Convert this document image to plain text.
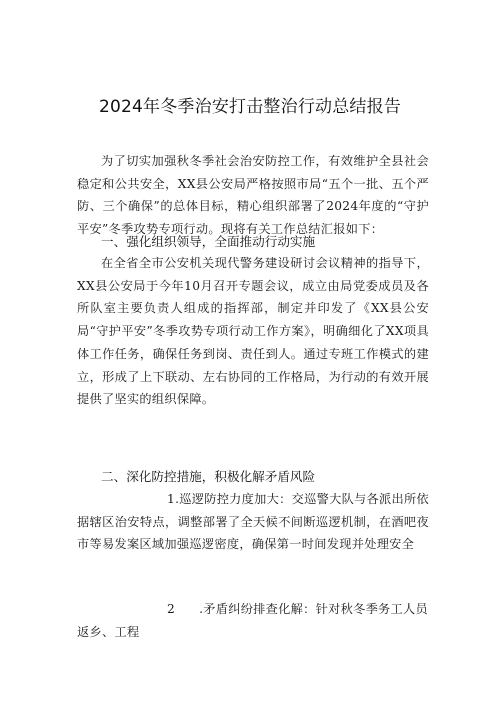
2024年冬季治安打击整治行动总结报告

为了切实加强秋冬季社会治安防控工作，有效维护全县社会稳定和公共安全，XX县公安局严格按照市局“五个一批、五个严防、三个确保”的总体目标，精心组织部署了2024年度的“守护平安”冬季攻势专项行动。现将有关工作总结汇报如下：

一、强化组织领导，全面推动行动实施

在全省全市公安机关现代警务建设研讨会议精神的指导下，XX县公安局于今年10月召开专题会议，成立由局党委成员及各所队室主要负责人组成的指挥部，制定并印发了《XX县公安局“守护平安”冬季攻势专项行动工作方案》，明确细化了XX项具体工作任务，确保任务到岗、责任到人。通过专班工作模式的建立，形成了上下联动、左右协同的工作格局，为行动的有效开展提供了坚实的组织保障。

二、深化防控措施，积极化解矛盾风险

1.巡逻防控力度加大：交巡警大队与各派出所依据辖区治安特点，调整部署了全天候不间断巡逻机制，在酒吧夜市等易发案区域加强巡逻密度，确保第一时间发现并处理安全

2 .矛盾纠纷排查化解：针对秋冬季务工人员返乡、工程
